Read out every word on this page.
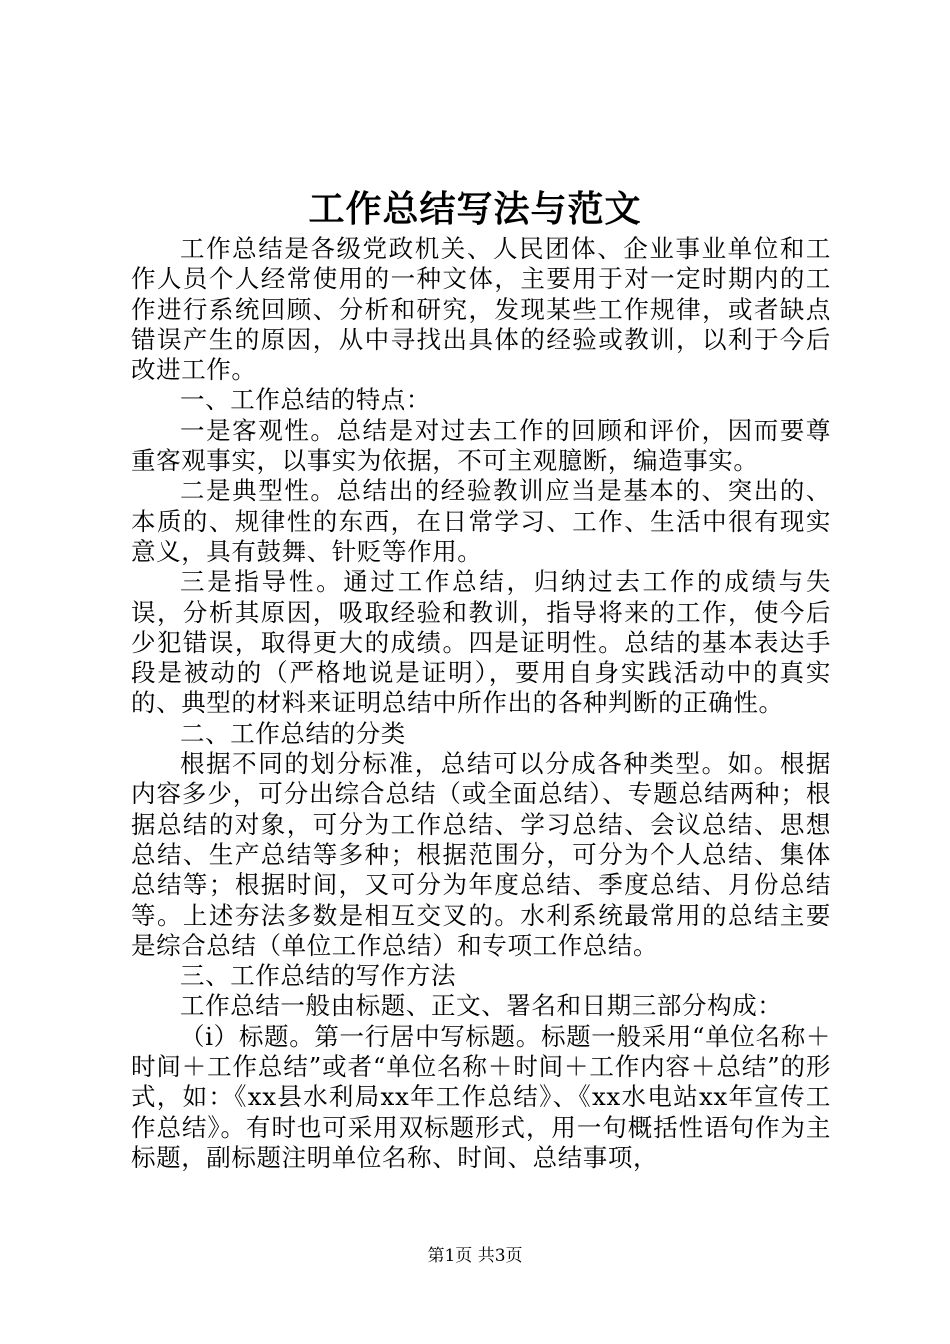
工作总结写法与范文

工作总结是各级党政机关、人民团体、企业事业单位和工作人员个人经常使用的一种文体，主要用于对一定时期内的工作进行系统回顾、分析和研究，发现某些工作规律，或者缺点错误产生的原因，从中寻找出具体的经验或教训，以利于今后改进工作。

一、工作总结的特点：

一是客观性。总结是对过去工作的回顾和评价，因而要尊重客观事实，以事实为依据，不可主观臆断，编造事实。

二是典型性。总结出的经验教训应当是基本的、突出的、本质的、规律性的东西，在日常学习、工作、生活中很有现实意义，具有鼓舞、针贬等作用。

三是指导性。通过工作总结，归纳过去工作的成绩与失误，分析其原因，吸取经验和教训，指导将来的工作，使今后少犯错误，取得更大的成绩。四是证明性。总结的基本表达手段是被动的（严格地说是证明），要用自身实践活动中的真实的、典型的材料来证明总结中所作出的各种判断的正确性。

二、工作总结的分类

根据不同的划分标准，总结可以分成各种类型。如。根据内容多少，可分出综合总结（或全面总结）、专题总结两种；根据总结的对象，可分为工作总结、学习总结、会议总结、思想总结、生产总结等多种；根据范围分，可分为个人总结、集体总结等；根据时间，又可分为年度总结、季度总结、月份总结等。上述夯法多数是相互交叉的。水利系统最常用的总结主要是综合总结（单位工作总结）和专项工作总结。

三、工作总结的写作方法

工作总结一般由标题、正文、署名和日期三部分构成：

（i）标题。第一行居中写标题。标题一般采用“单位名称＋时间＋工作总结”或者“单位名称＋时间＋工作内容＋总结”的形式，如：《xx县水利局xx年工作总结》、《xx水电站xx年宣传工作总结》。有时也可采用双标题形式，用一句概括性语句作为主标题，副标题注明单位名称、时间、总结事项，

第1页 共3页
